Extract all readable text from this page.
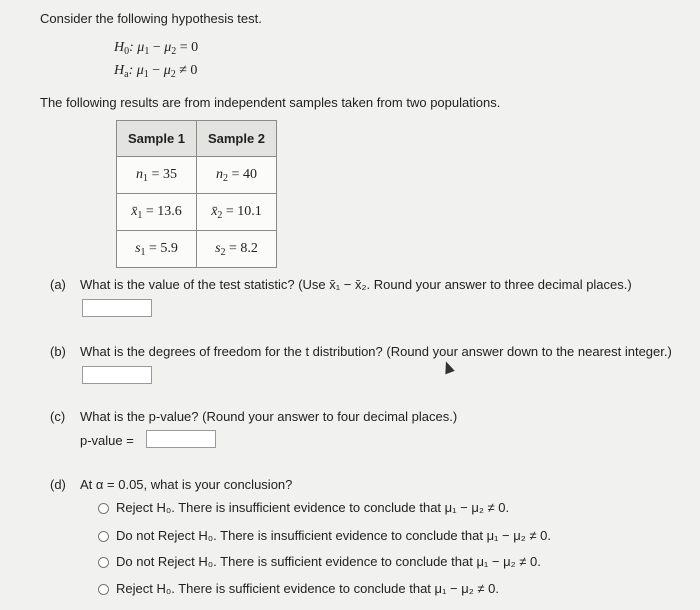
Consider the following hypothesis test.
$H_0$: $\mu_1 - \mu_2 = 0$
$H_a$: $\mu_1 - \mu_2 \ne 0$
The following results are from independent samples taken from two populations.
Sample 1	Sample 2
$n_1 = 35$	$n_2 = 40$
$x̄_1 = 13.6$	$x̄_2 = 10.1$
$s_1 = 5.9$	$s_2 = 8.2$
(a) What is the value of the test statistic? (Use x̄₁ − x̄₂. Round your answer to three decimal places.)
(b) What is the degrees of freedom for the t distribution? (Round your answer down to the nearest integer.)
(c) What is the p-value? (Round your answer to four decimal places.)
p-value =
(d) At α = 0.05, what is your conclusion?
Reject H₀. There is insufficient evidence to conclude that μ₁ − μ₂ ≠ 0.
Do not Reject H₀. There is insufficient evidence to conclude that μ₁ − μ₂ ≠ 0.
Do not Reject H₀. There is sufficient evidence to conclude that μ₁ − μ₂ ≠ 0.
Reject H₀. There is sufficient evidence to conclude that μ₁ − μ₂ ≠ 0.
